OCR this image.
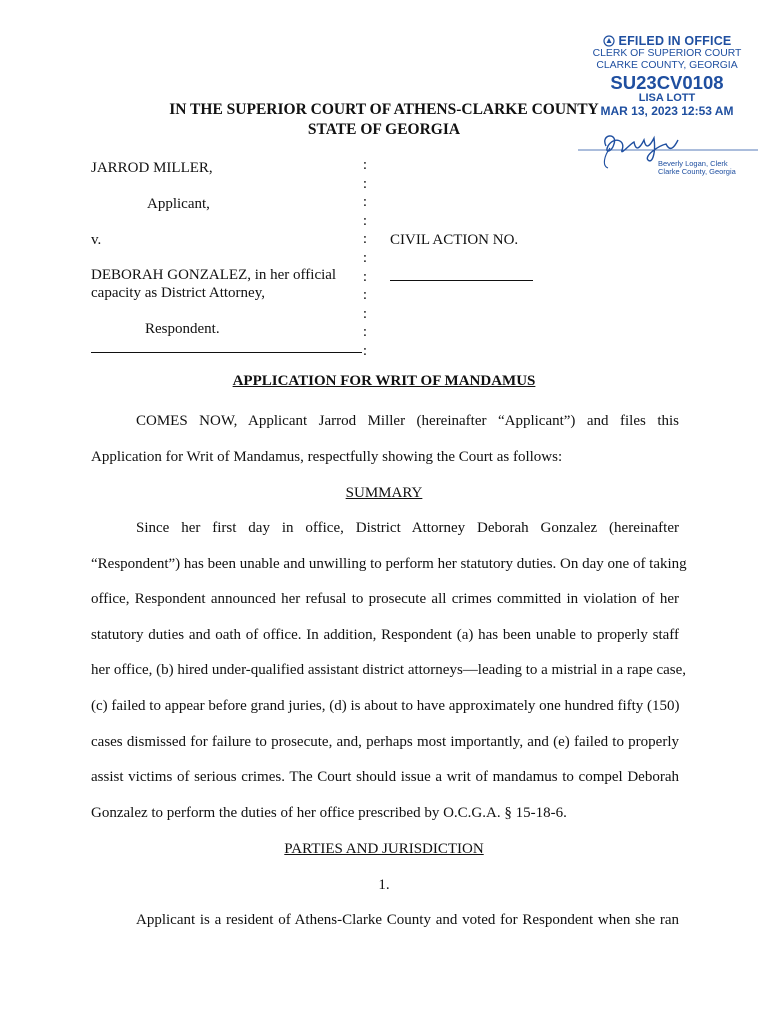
EFILED IN OFFICE
CLERK OF SUPERIOR COURT
CLARKE COUNTY, GEORGIA
SU23CV0108
LISA LOTT
MAR 13, 2023 12:53 AM
Beverly Logan, Clerk
Clarke County, Georgia
IN THE SUPERIOR COURT OF ATHENS-CLARKE COUNTY
STATE OF GEORGIA
JARROD MILLER,
Applicant,
v.
DEBORAH GONZALEZ, in her official
capacity as District Attorney,
Respondent.
:
:
:
:
:
:
:
:
:
:
:
CIVIL ACTION NO.
APPLICATION FOR WRIT OF MANDAMUS
COMES NOW, Applicant Jarrod Miller (hereinafter “Applicant”) and files this
Application for Writ of Mandamus, respectfully showing the Court as follows:
SUMMARY
Since her first day in office, District Attorney Deborah Gonzalez (hereinafter
“Respondent”) has been unable and unwilling to perform her statutory duties. On day one of taking
office, Respondent announced her refusal to prosecute all crimes committed in violation of her
statutory duties and oath of office. In addition, Respondent (a) has been unable to properly staff
her office, (b) hired under-qualified assistant district attorneys—leading to a mistrial in a rape case,
(c) failed to appear before grand juries, (d) is about to have approximately one hundred fifty (150)
cases dismissed for failure to prosecute, and, perhaps most importantly, and (e) failed to properly
assist victims of serious crimes. The Court should issue a writ of mandamus to compel Deborah
Gonzalez to perform the duties of her office prescribed by O.C.G.A. § 15-18-6.
PARTIES AND JURISDICTION
1.
Applicant is a resident of Athens-Clarke County and voted for Respondent when she ran
